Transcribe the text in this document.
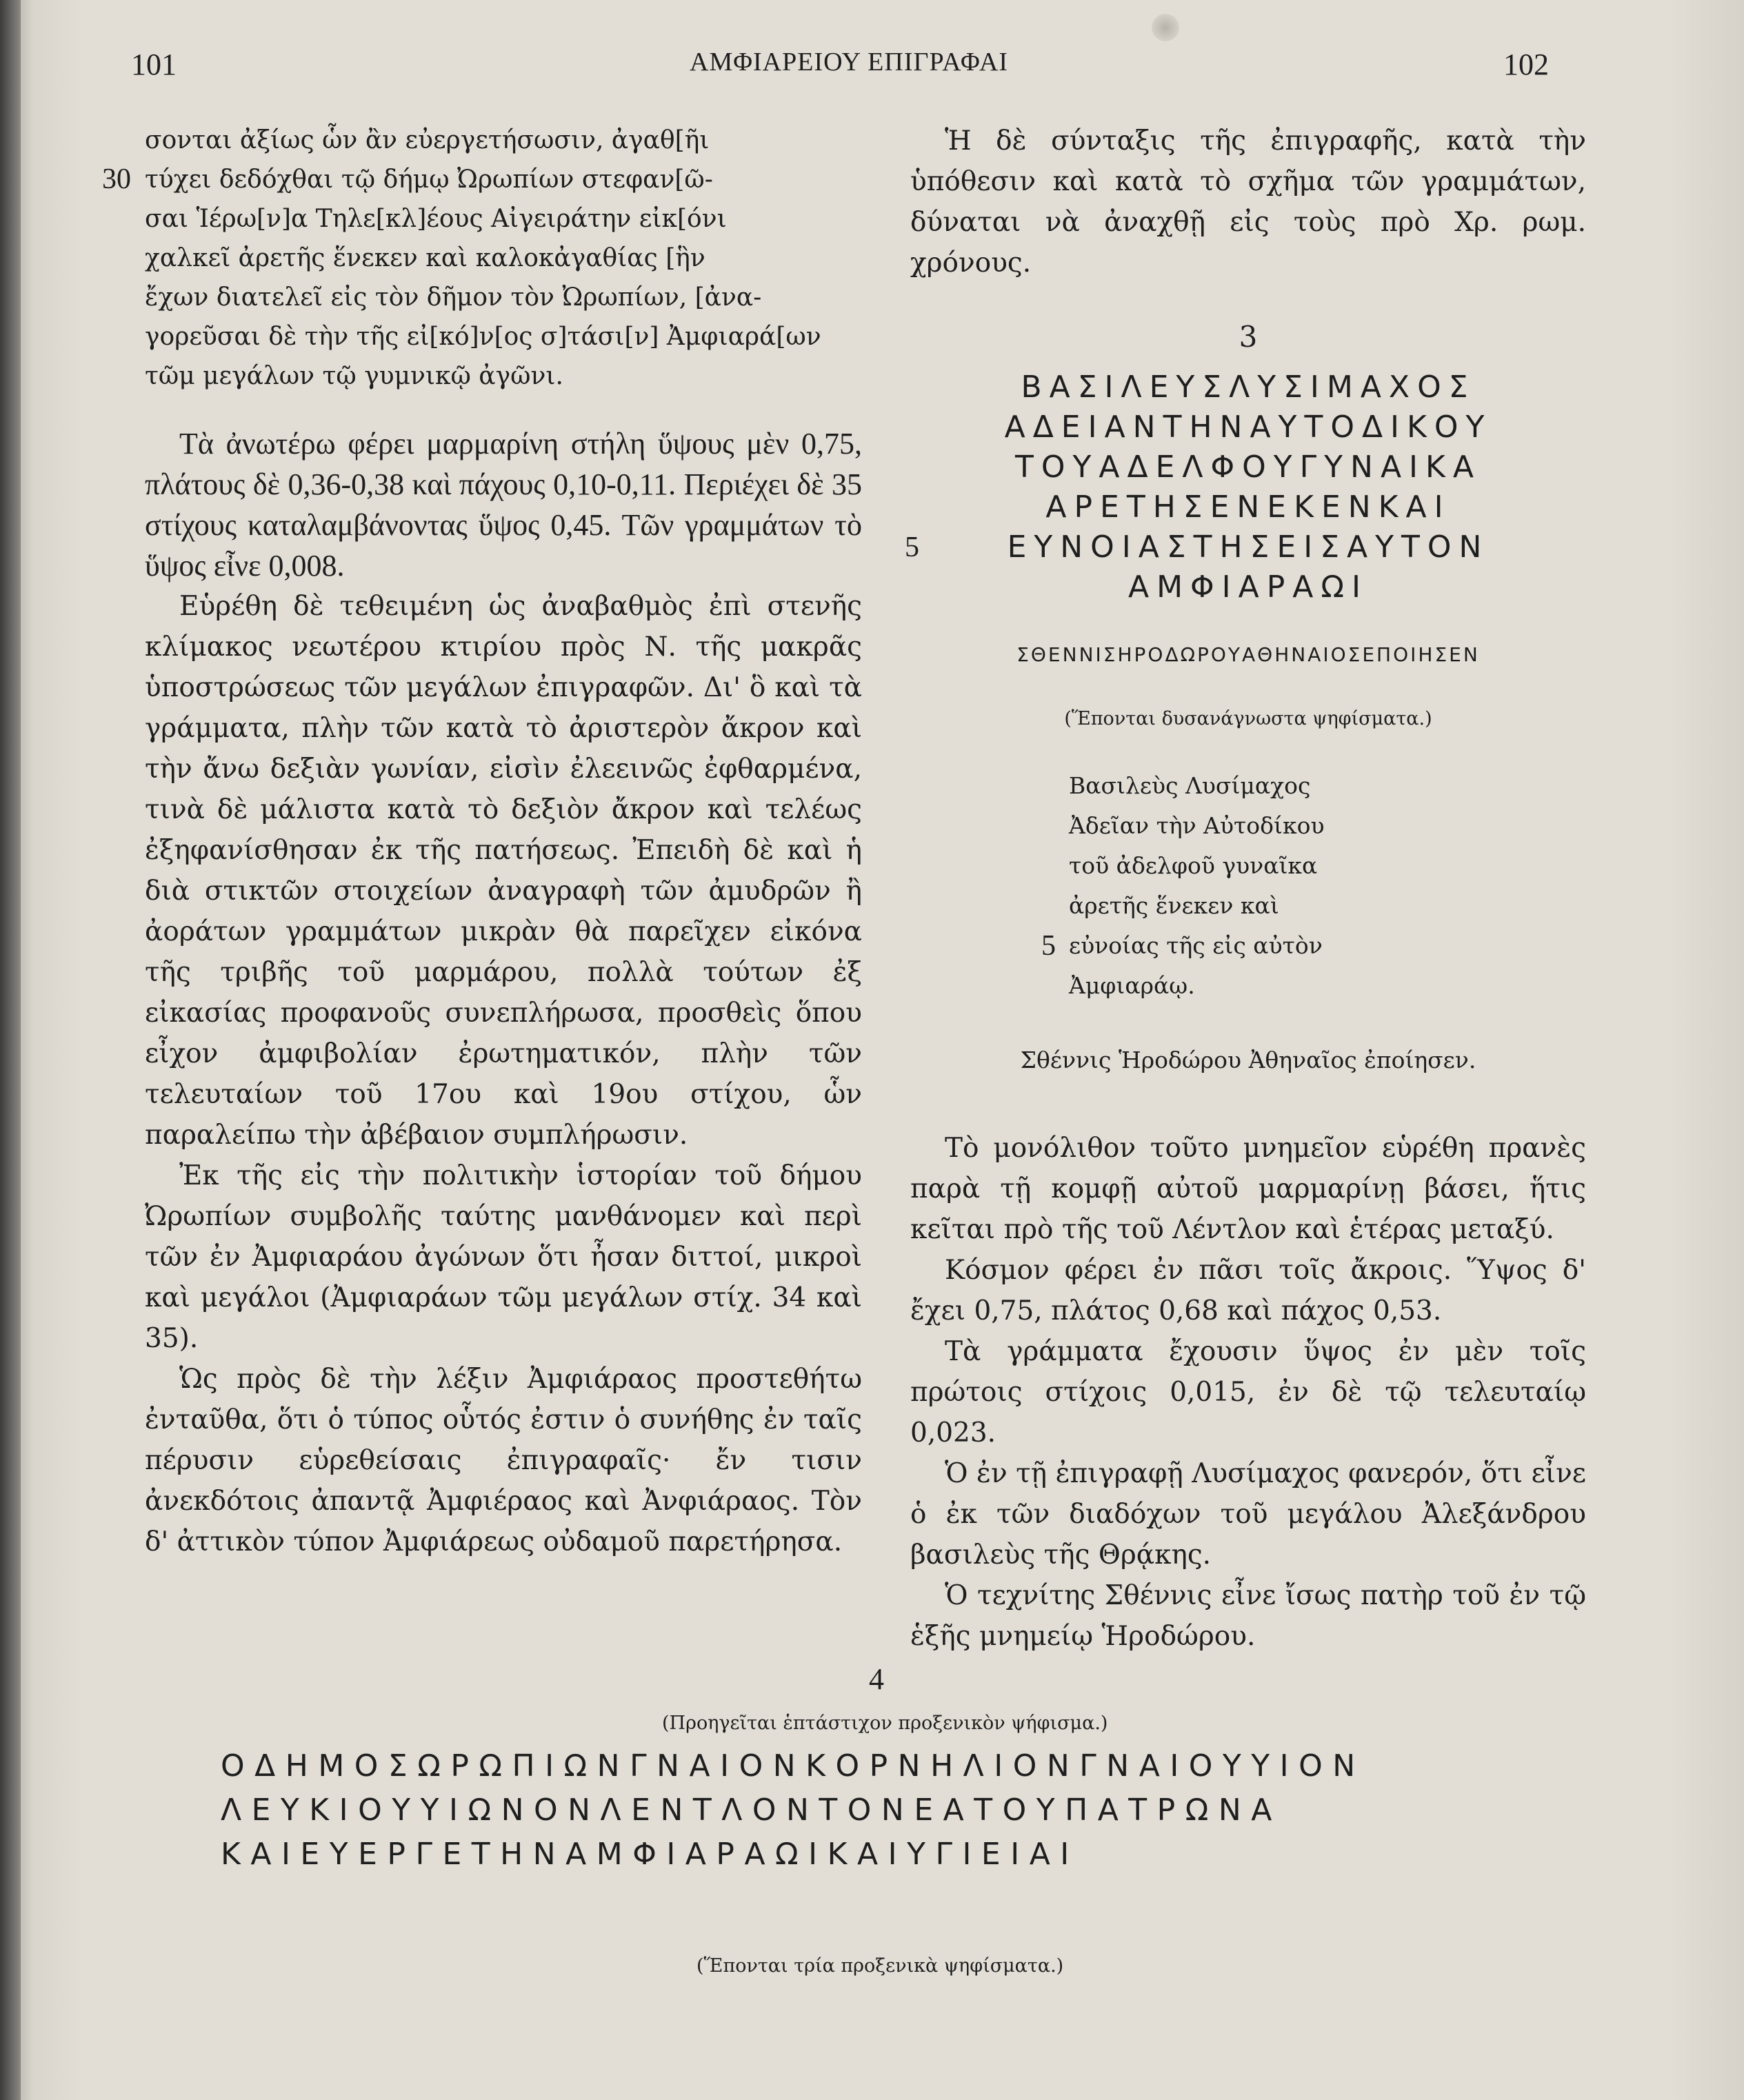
101	ΑΜΦΙΑΡΕΙΟΥ ΕΠΙΓΡΑΦΑΙ	102
σονται ἀξίως ὧν ἂν εὐεργετήσωσιν, ἀγαθ[ῆι
30 τύχει δεδόχθαι τῷ δήμῳ Ὠρωπίων στεφαν[ῶ-
σαι Ἱέρω[ν]α Τηλε[κλ]έους Αἰγειράτην εἰκ[όνι
χαλκεῖ ἀρετῆς ἕνεκεν καὶ καλοκἀγαθίας [ἣν
ἔχων διατελεῖ εἰς τὸν δῆμον τὸν Ὠρωπίων, [ἀνα-
γορεῦσαι δὲ τὴν τῆς εἰ[κό]ν[ος σ]τάσι[ν] Ἀμφιαρά[ων
τῶμ μεγάλων τῷ γυμνικῷ ἀγῶνι.

Τὰ ἀνωτέρω φέρει μαρμαρίνη στήλη ὕψους μὲν 0,75, πλάτους δὲ 0,36-0,38 καὶ πάχους 0,10-0,11. Περιέχει δὲ 35 στίχους καταλαμβάνοντας ὕψος 0,45. Τῶν γραμμάτων τὸ ὕψος εἶνε 0,008.

Εὑρέθη δὲ τεθειμένη ὡς ἀναβαθμὸς ἐπὶ στενῆς κλίμακος νεωτέρου κτιρίου πρὸς Ν. τῆς μακρᾶς ὑποστρώσεως τῶν μεγάλων ἐπιγραφῶν. Δι' ὃ καὶ τὰ γράμματα, πλὴν τῶν κατὰ τὸ ἀριστερὸν ἄκρον καὶ τὴν ἄνω δεξιὰν γωνίαν, εἰσὶν ἐλεεινῶς ἐφθαρμένα, τινὰ δὲ μάλιστα κατὰ τὸ δεξιὸν ἄκρον καὶ τελέως ἐξηφανίσθησαν ἐκ τῆς πατήσεως. Ἐπειδὴ δὲ καὶ ἡ διὰ στικτῶν στοιχείων ἀναγραφὴ τῶν ἀμυδρῶν ἢ ἀοράτων γραμμάτων μικρὰν θὰ παρεῖχεν εἰκόνα τῆς τριβῆς τοῦ μαρμάρου, πολλὰ τούτων ἐξ εἰκασίας προφανοῦς συνεπλήρωσα, προσθεὶς ὅπου εἶχον ἀμφιβολίαν ἐρωτηματικόν, πλὴν τῶν τελευταίων τοῦ 17ου καὶ 19ου στίχου, ὧν παραλείπω τὴν ἀβέβαιον συμπλήρωσιν.

Ἐκ τῆς εἰς τὴν πολιτικὴν ἱστορίαν τοῦ δήμου Ὠρωπίων συμβολῆς ταύτης μανθάνομεν καὶ περὶ τῶν ἐν Ἀμφιαράου ἀγώνων ὅτι ἦσαν διττοί, μικροὶ καὶ μεγάλοι (Ἀμφιαράων τῶμ μεγάλων στίχ. 34 καὶ 35).

Ὡς πρὸς δὲ τὴν λέξιν Ἀμφιάραος προστεθήτω ἐνταῦθα, ὅτι ὁ τύπος οὗτός ἐστιν ὁ συνήθης ἐν ταῖς πέρυσιν εὑρεθείσαις ἐπιγραφαῖς· ἔν τισιν ἀνεκδότοις ἀπαντᾷ Ἀμφιέραος καὶ Ἀνφιάραος. Τὸν δ' ἀττικὸν τύπον Ἀμφιάρεως οὐδαμοῦ παρετήρησα.

Ἡ δὲ σύνταξις τῆς ἐπιγραφῆς, κατὰ τὴν ὑπόθεσιν καὶ κατὰ τὸ σχῆμα τῶν γραμμάτων, δύναται νὰ ἀναχθῇ εἰς τοὺς πρὸ Χρ. ρωμ. χρόνους.

3
ΒΑΣΙΛΕΥΣΛΥΣΙΜΑΧΟΣ
ΑΔΕΙΑΝΤΗΝΑΥΤΟΔΙΚΟΥ
ΤΟΥΑΔΕΛΦΟΥΓΥΝΑΙΚΑ
ΑΡΕΤΗΣΕΝΕΚΕΝΚΑΙ
5	ΕΥΝΟΙΑΣΤΗΣΕΙΣΑΥΤΟΝ
ΑΜΦΙΑΡΑΩΙ
ΣΘΕΝΝΙΣΗΡΟΔΩΡΟΥΑΘΗΝΑΙΟΣΕΠΟΙΗΣΕΝ
(Ἕπονται δυσανάγνωστα ψηφίσματα.)
Βασιλεὺς Λυσίμαχος
Ἀδεῖαν τὴν Αὐτοδίκου
τοῦ ἀδελφοῦ γυναῖκα
ἀρετῆς ἕνεκεν καὶ
5 εὐνοίας τῆς εἰς αὐτὸν
Ἀμφιαράῳ.
Σθέννις Ἡροδώρου Ἀθηναῖος ἐποίησεν.

Τὸ μονόλιθον τοῦτο μνημεῖον εὑρέθη πρανὲς παρὰ τῇ κομφῇ αὐτοῦ μαρμαρίνῃ βάσει, ἥτις κεῖται πρὸ τῆς τοῦ Λέντλον καὶ ἑτέρας μεταξύ.

Κόσμον φέρει ἐν πᾶσι τοῖς ἄκροις. Ὕψος δ' ἔχει 0,75, πλάτος 0,68 καὶ πάχος 0,53.

Τὰ γράμματα ἔχουσιν ὕψος ἐν μὲν τοῖς πρώτοις στίχοις 0,015, ἐν δὲ τῷ τελευταίῳ 0,023.

Ὁ ἐν τῇ ἐπιγραφῇ Λυσίμαχος φανερόν, ὅτι εἶνε ὁ ἐκ τῶν διαδόχων τοῦ μεγάλου Ἀλεξάνδρου βασιλεὺς τῆς Θρᾴκης.

Ὁ τεχνίτης Σθέννις εἶνε ἴσως πατὴρ τοῦ ἐν τῷ ἑξῆς μνημείῳ Ἡροδώρου.

4
(Προηγεῖται ἑπτάστιχον προξενικὸν ψήφισμα.)
ΟΔΗΜΟΣΩΡΩΠΙΩΝΓΝΑΙΟΝΚΟΡΝΗΛΙΟΝΓΝΑΙΟΥΥΙΟΝ
ΛΕΥΚΙΟΥΥΙΩΝΟΝΛΕΝΤΛΟΝΤΟΝΕΑΤΟΥΠΑΤΡΩΝΑ
ΚΑΙΕΥΕΡΓΕΤΗΝΑΜΦΙΑΡΑΩΙΚΑΙΥΓΙΕΙΑΙ
(Ἕπονται τρία προξενικὰ ψηφίσματα.)
